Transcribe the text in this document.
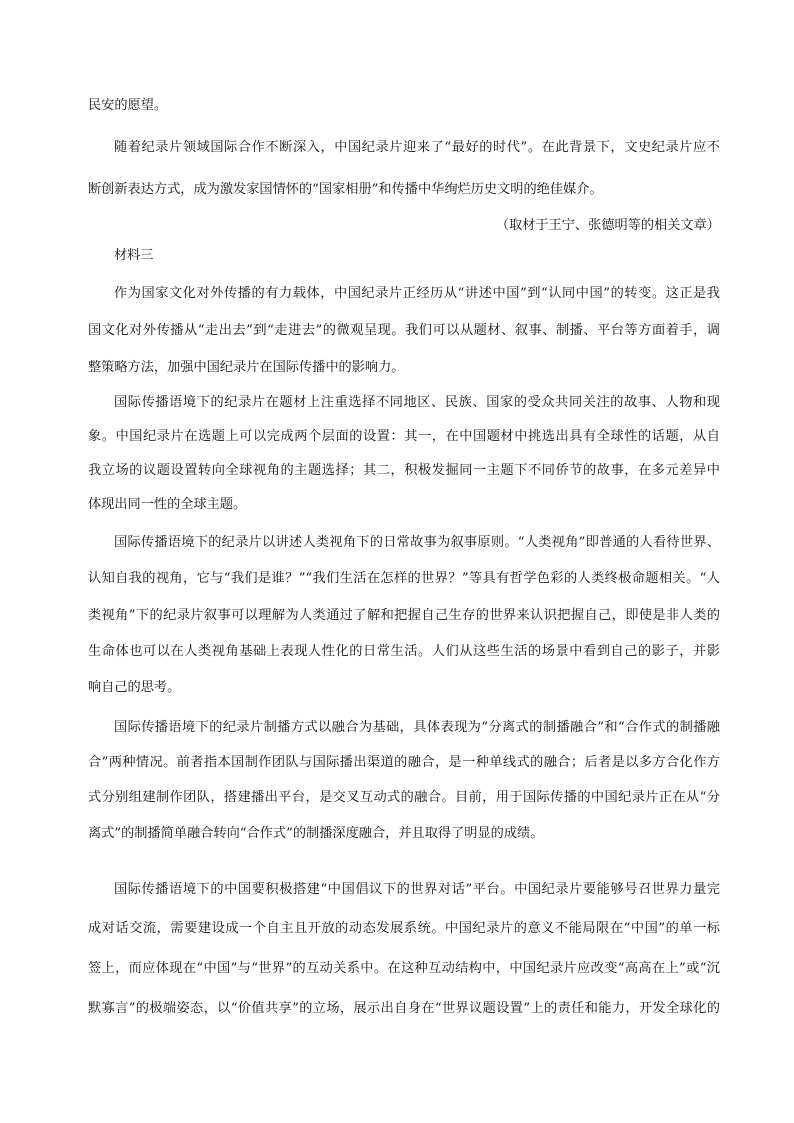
民安的愿望。
随着纪录片领域国际合作不断深入，中国纪录片迎来了“最好的时代”。在此背景下，文史纪录片应不
断创新表达方式，成为激发家国情怀的“国家相册”和传播中华绚烂历史文明的绝佳媒介。
（取材于王宁、张德明等的相关文章）
材料三
作为国家文化对外传播的有力载体，中国纪录片正经历从“讲述中国”到“认同中国”的转变。这正是我
国文化对外传播从“走出去”到“走进去”的微观呈现。我们可以从题材、叙事、制播、平台等方面着手，调
整策略方法，加强中国纪录片在国际传播中的影响力。
国际传播语境下的纪录片在题材上注重选择不同地区、民族、国家的受众共同关注的故事、人物和现
象。中国纪录片在选题上可以完成两个层面的设置：其一，在中国题材中挑选出具有全球性的话题，从自
我立场的议题设置转向全球视角的主题选择；其二，积极发掘同一主题下不同侨节的故事，在多元差异中
体现出同一性的全球主题。
国际传播语境下的纪录片以讲述人类视角下的日常故事为叙事原则。“人类视角”即普通的人看待世界、
认知自我的视角，它与“我们是谁？”“我们生活在怎样的世界？”等具有哲学色彩的人类终极命题相关。“人
类视角”下的纪录片叙事可以理解为人类通过了解和把握自己生存的世界来认识把握自己，即使是非人类的
生命体也可以在人类视角基础上表现人性化的日常生活。人们从这些生活的场景中看到自己的影子，并影
响自己的思考。
国际传播语境下的纪录片制播方式以融合为基础，具体表现为“分离式的制播融合”和“合作式的制播融
合”两种情况。前者指本国制作团队与国际播出渠道的融合，是一种单线式的融合；后者是以多方合化作方
式分别组建制作团队，搭建播出平台，是交叉互动式的融合。目前，用于国际传播的中国纪录片正在从“分
离式”的制播简单融合转向“合作式”的制播深度融合，并且取得了明显的成绩。
国际传播语境下的中国要积极搭建“中国倡议下的世界对话”平台。中国纪录片要能够号召世界力量完
成对话交流，需要建设成一个自主且开放的动态发展系统。中国纪录片的意义不能局限在“中国”的单一标
签上，而应体现在“中国”与“世界”的互动关系中。在这种互动结构中，中国纪录片应改变“高高在上”或“沉
默寡言”的极端姿态，以“价值共享”的立场，展示出自身在“世界议题设置”上的责任和能力，开发全球化的
